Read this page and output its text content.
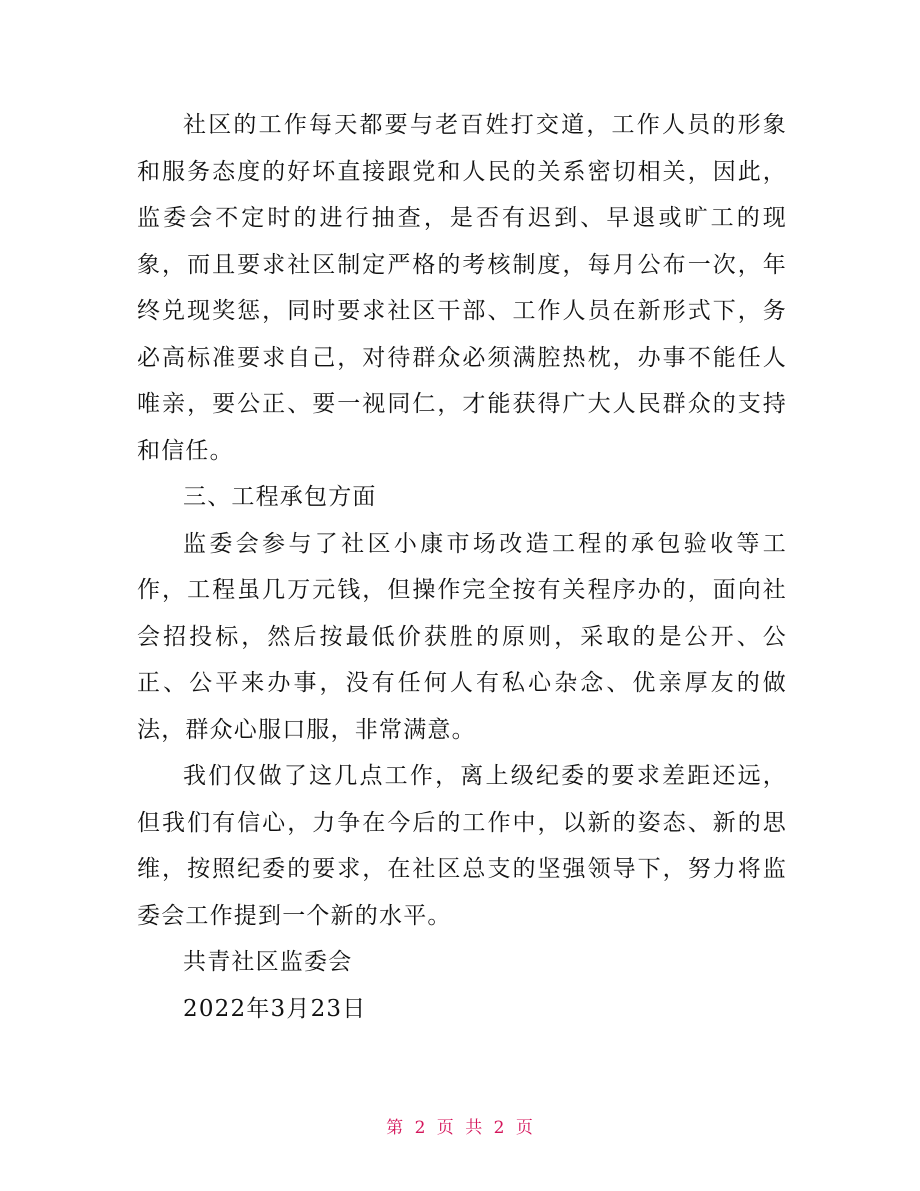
社区的工作每天都要与老百姓打交道，工作人员的形象和服务态度的好坏直接跟党和人民的关系密切相关，因此，监委会不定时的进行抽查，是否有迟到、早退或旷工的现象，而且要求社区制定严格的考核制度，每月公布一次，年终兑现奖惩，同时要求社区干部、工作人员在新形式下，务必高标准要求自己，对待群众必须满腔热枕，办事不能任人唯亲，要公正、要一视同仁，才能获得广大人民群众的支持和信任。

三、工程承包方面

监委会参与了社区小康市场改造工程的承包验收等工作，工程虽几万元钱，但操作完全按有关程序办的，面向社会招投标，然后按最低价获胜的原则，采取的是公开、公正、公平来办事，没有任何人有私心杂念、优亲厚友的做法，群众心服口服，非常满意。

我们仅做了这几点工作，离上级纪委的要求差距还远，但我们有信心，力争在今后的工作中，以新的姿态、新的思维，按照纪委的要求，在社区总支的坚强领导下，努力将监委会工作提到一个新的水平。

共青社区监委会

2022年3月23日

第 2 页 共 2 页
